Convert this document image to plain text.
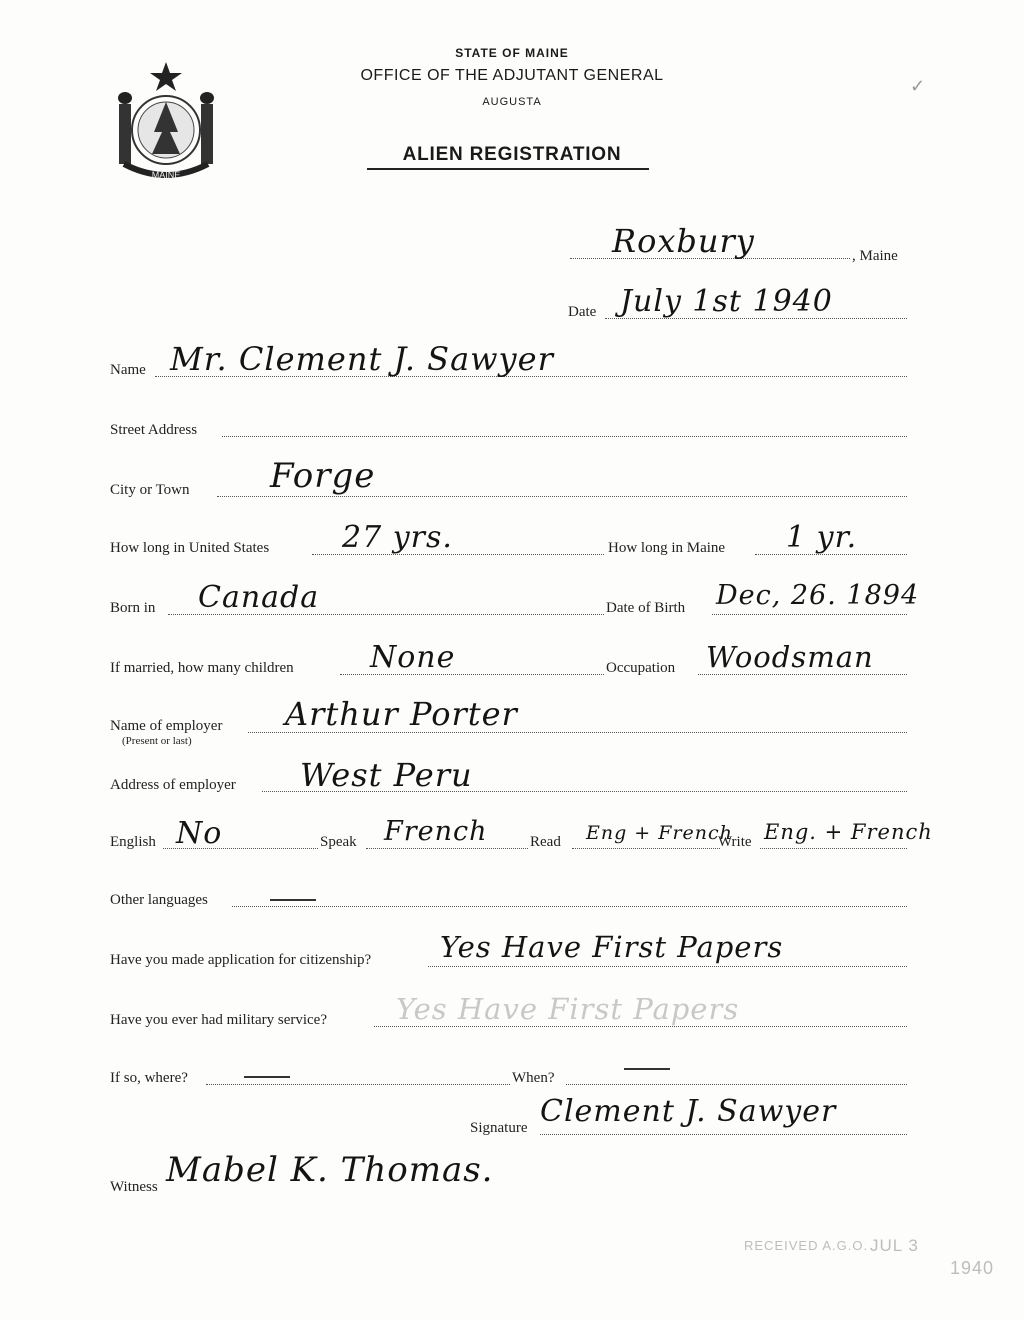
MAINE
STATE OF MAINE
OFFICE OF THE ADJUTANT GENERAL
AUGUSTA
ALIEN REGISTRATION
✓
Roxbury	, Maine
Date July 1st 1940
Name Mr. Clement J. Sawyer
Street Address
City or Town Forge
How long in United States 27 yrs.	How long in Maine 1 yr.
Born in Canada	Date of Birth Dec, 26. 1894
If married, how many children	None	Occupation Woodsman
Name of employer
(Present or last)
Arthur Porter
Address of employer West Peru
English No	Speak French	Read Eng + French
Write Eng. + French
Other languages
Have you made application for citizenship? Yes Have First Papers
Have you ever had military service? Yes Have First Papers
If so, where?	When?
Signature Clement J. Sawyer
Witness Mabel K. Thomas.
RECEIVED A.G.O. JUL 3
1940
